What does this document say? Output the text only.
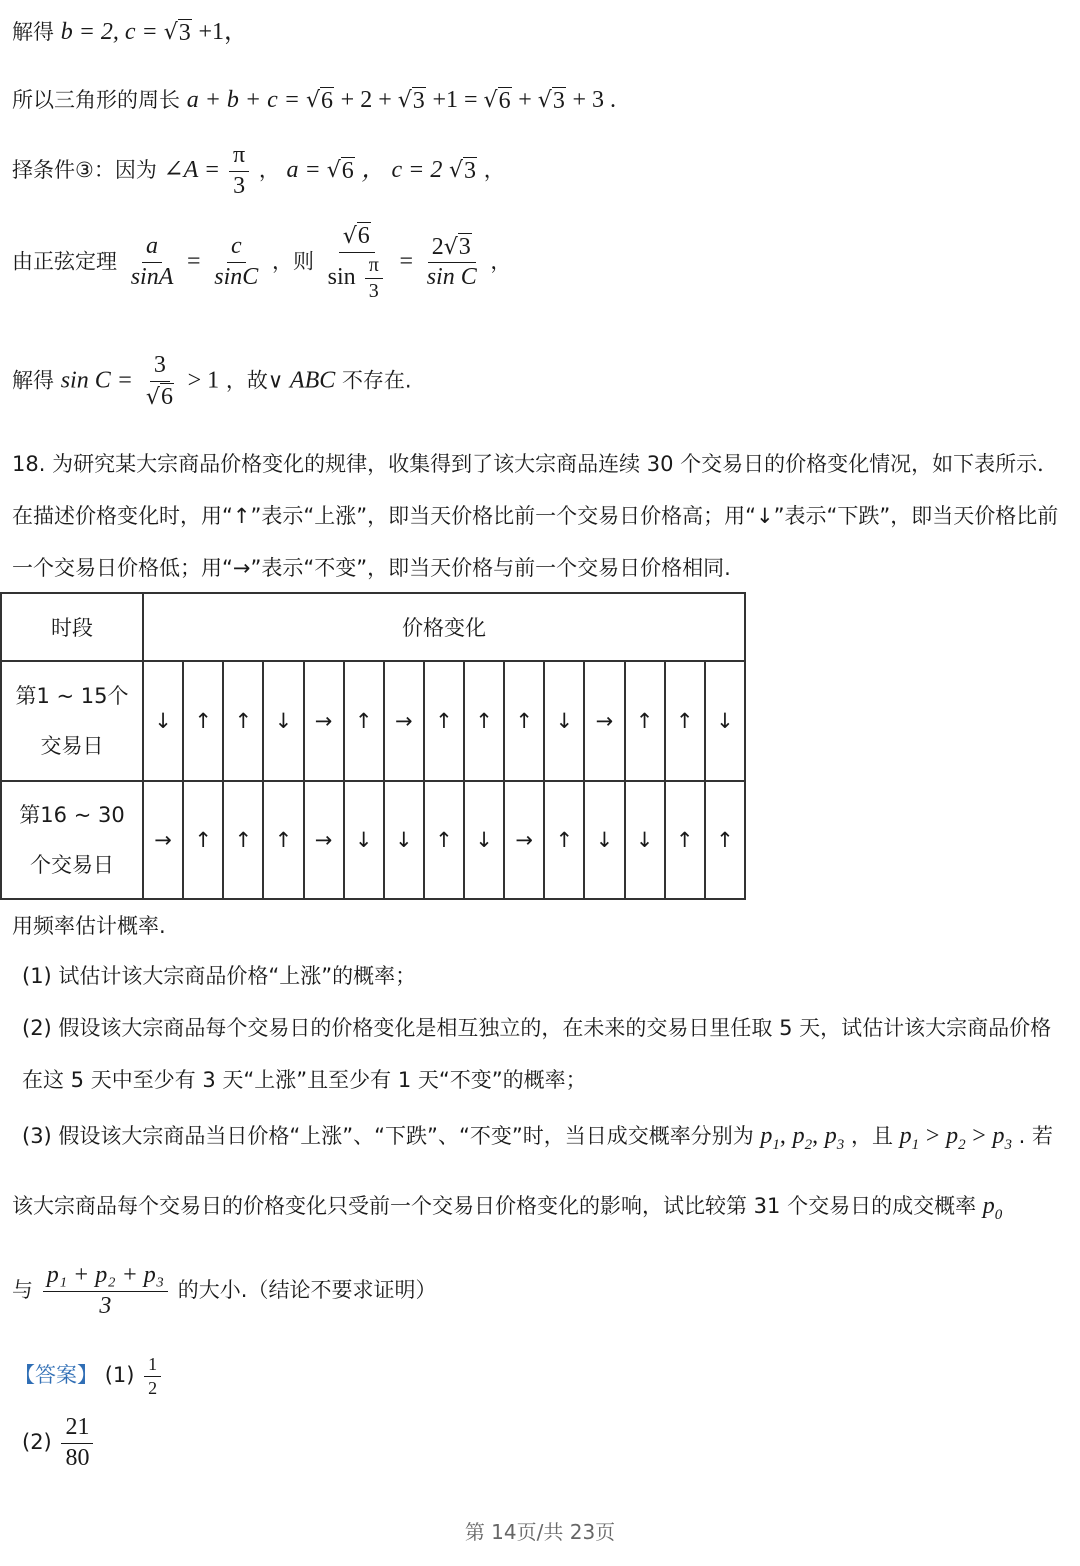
解得 b = 2, c = √ 3 +1，
所以三角形的周长 a + b + c = √ 6 + 2 + √ 3 +1 = √ 6 + √ 3 + 3 .
择条件③：因为 ∠A = $\frac{\pi}{3}$ ， a = √ 6 ， c = 2 √ 3 ，
由正弦定理 $\frac{a}{\sin A} = \frac{c}{\sin C}$ ，则 $\frac{√ 6}{\sin \frac{\pi}{3}} = \frac{2 √ 3}{\text{sin C}}$ ，
解得 $\sin C = \frac{3}{√ 6} > 1$ ，故∨ ABC 不存在.
18. 为研究某大宗商品价格变化的规律，收集得到了该大宗商品连续 30 个交易日的价格变化情况，如下表所示．在描述价格变化时，用“↑”表示“上涨”，即当天价格比前一个交易日价格高；用“↓”表示“下跌”，即当天价格比前一个交易日价格低；用“→”表示“不变”，即当天价格与前一个交易日价格相同.
时段	价格变化														

第1 ~ 15个
交易日	↓	↑	↑	↓	→	↑	→	↑	↑	↑	↓	→	↑	↑	↓

第16 ~ 30
个交易日	→	↑	↑	↑	→	↓	↓	↑	↓	→	↑	↓	↓	↑	↑
用频率估计概率.
(1) 试估计该大宗商品价格“上涨”的概率；
(2) 假设该大宗商品每个交易日的价格变化是相互独立的，在未来的交易日里任取 5 天，试估计该大宗商品价格在这 5 天中至少有 3 天“上涨”且至少有 1 天“不变”的概率；
(3) 假设该大宗商品当日价格“上涨”、“下跌”、“不变”时，当日成交概率分别为 $p_1$, $p_2$, $p_3$ ，且 $p_1 > p_2 > p_3$ . 若
该大宗商品每个交易日的价格变化只受前一个交易日价格变化的影响，试比较第 31 个交易日的成交概率 $p_0$
与 $\frac{\text{p₁ + p₂ + p₃}}{3}$ 的大小.（结论不要求证明）
【答案】 $(1) \frac{1}{2}$
$(2) \frac{21}{80}$
第 14页/共 23页
